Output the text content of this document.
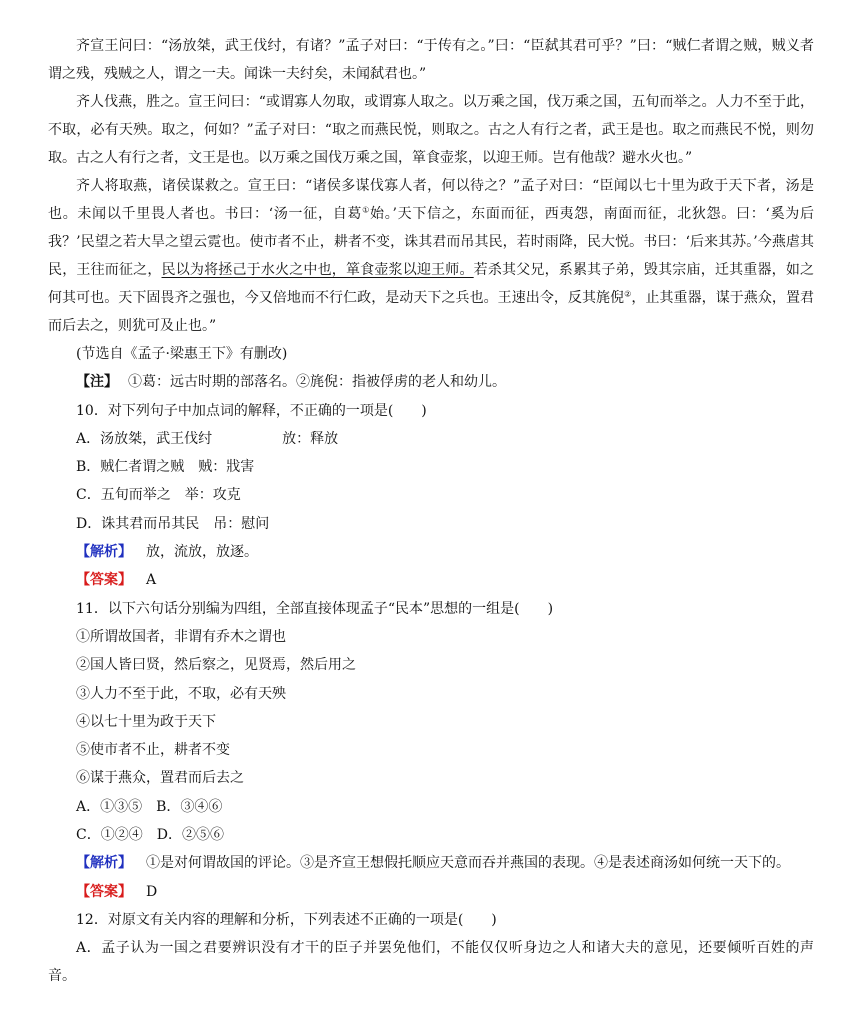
齐宣王问曰：“汤放桀，武王伐纣，有诸？”孟子对曰：“于传有之。”曰：“臣弑其君可乎？”曰：“贼仁者谓之贼，贼义者谓之残，残贼之人，谓之一夫。闻诛一夫纣矣，未闻弑君也。”

齐人伐燕，胜之。宣王问曰：“或谓寡人勿取，或谓寡人取之。以万乘之国，伐万乘之国，五旬而举之。人力不至于此，不取，必有天殃。取之，何如？”孟子对曰：“取之而燕民悦，则取之。古之人有行之者，武王是也。取之而燕民不悦，则勿取。古之人有行之者，文王是也。以万乘之国伐万乘之国，箪食壶浆，以迎王师。岂有他哉？避水火也。”

齐人将取燕，诸侯谋救之。宣王曰：“诸侯多谋伐寡人者，何以待之？”孟子对曰：“臣闻以七十里为政于天下者，汤是也。未闻以千里畏人者也。书曰：‘汤一征，自葛①始。’天下信之，东面而征，西夷怨，南面而征，北狄怨。曰：‘奚为后我？’民望之若大旱之望云霓也。使市者不止，耕者不变，诛其君而吊其民，若时雨降，民大悦。书曰：‘后来其苏。’今燕虐其民，王往而征之，民以为将拯己于水火之中也，箪食壶浆以迎王师。若杀其父兄，系累其子弟，毁其宗庙，迁其重器，如之何其可也。天下固畏齐之强也，今又倍地而不行仁政，是动天下之兵也。王速出令，反其旄倪②，止其重器，谋于燕众，置君而后去之，则犹可及止也。”

(节选自《孟子·梁惠王下》有删改)

【注】 ①葛：远古时期的部落名。②旄倪：指被俘虏的老人和幼儿。

10．对下列句子中加点词的解释，不正确的一项是(　　)

A．汤放桀，武王伐纣	放：释放

B．贼仁者谓之贼 贼：戕害

C．五旬而举之 举：攻克

D．诛其君而吊其民 吊：慰问

【解析】 放，流放，放逐。

【答案】 A

11．以下六句话分别编为四组，全部直接体现孟子“民本”思想的一组是(　　)

①所谓故国者，非谓有乔木之谓也

②国人皆曰贤，然后察之，见贤焉，然后用之

③人力不至于此，不取，必有天殃

④以七十里为政于天下

⑤使市者不止，耕者不变

⑥谋于燕众，置君而后去之

A．①③⑤ B．③④⑥

C．①②④ D．②⑤⑥

【解析】 ①是对何谓故国的评论。③是齐宣王想假托顺应天意而吞并燕国的表现。④是表述商汤如何统一天下的。

【答案】 D

12．对原文有关内容的理解和分析，下列表述不正确的一项是(　　)

A．孟子认为一国之君要辨识没有才干的臣子并罢免他们，不能仅仅听身边之人和诸大夫的意见，还要倾听百姓的声音。
